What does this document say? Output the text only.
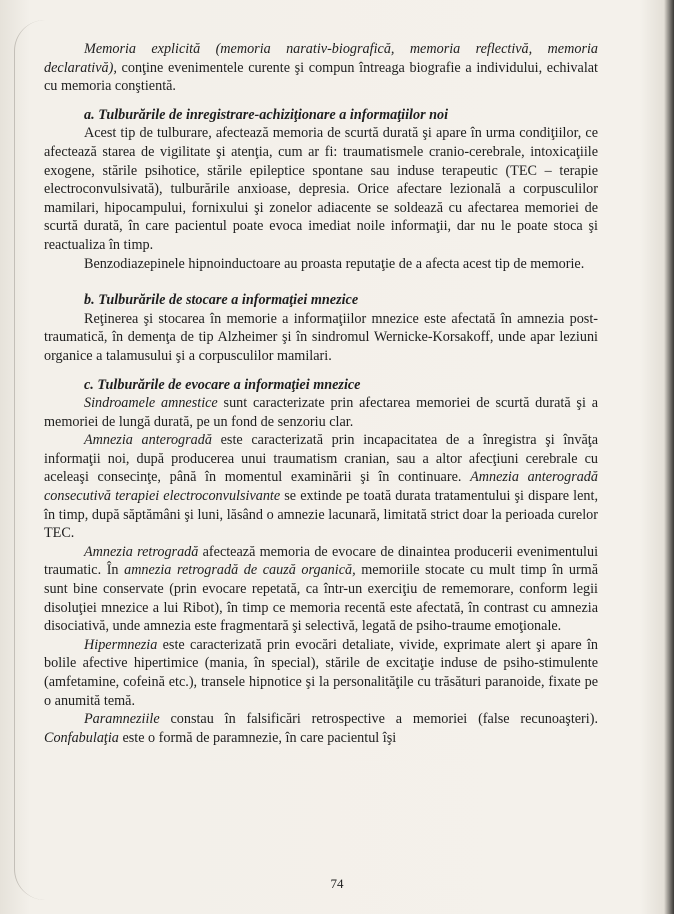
Memoria explicită (memoria narativ-biografică, memoria reflectivă, memoria declarativă), conţine evenimentele curente şi compun întreaga biografie a individului, echivalat cu memoria conştientă.

a. Tulburările de inregistrare-achiziţionare a informaţiilor noi

Acest tip de tulburare, afectează memoria de scurtă durată şi apare în urma condiţiilor, ce afectează starea de vigilitate şi atenţia, cum ar fi: traumatismele cranio-cerebrale, intoxicaţiile exogene, stările psihotice, stările epileptice spontane sau induse terapeutic (TEC – terapie electroconvulsivată), tulburările anxioase, depresia. Orice afectare lezională a corpusculilor mamilari, hipocampului, fornixului şi zonelor adiacente se soldează cu afectarea memoriei de scurtă durată, în care pacientul poate evoca imediat noile informaţii, dar nu le poate stoca şi reactualiza în timp.

Benzodiazepinele hipnoinductoare au proasta reputaţie de a afecta acest tip de memorie.

b. Tulburările de stocare a informaţiei mnezice

Reţinerea şi stocarea în memorie a informaţiilor mnezice este afectată în amnezia post-traumatică, în demenţa de tip Alzheimer şi în sindromul Wernicke-Korsakoff, unde apar leziuni organice a talamusului şi a corpusculilor mamilari.

c. Tulburările de evocare a informaţiei mnezice

Sindroamele amnestice sunt caracterizate prin afectarea memoriei de scurtă durată şi a memoriei de lungă durată, pe un fond de senzoriu clar.

Amnezia anterogradă este caracterizată prin incapacitatea de a înregistra şi învăţa informaţii noi, după producerea unui traumatism cranian, sau a altor afecţiuni cerebrale cu aceleaşi consecinţe, până în momentul examinării şi în continuare. Amnezia anterogradă consecutivă terapiei electroconvulsivante se extinde pe toată durata tratamentului şi dispare lent, în timp, după săptămâni şi luni, lăsând o amnezie lacunară, limitată strict doar la perioada curelor TEC.

Amnezia retrogradă afectează memoria de evocare de dinaintea producerii evenimentului traumatic. În amnezia retrogradă de cauză organică, memoriile stocate cu mult timp în urmă sunt bine conservate (prin evocare repetată, ca într-un exerciţiu de rememorare, conform legii disoluţiei mnezice a lui Ribot), în timp ce memoria recentă este afectată, în contrast cu amnezia disociativă, unde amnezia este fragmentară şi selectivă, legată de psiho-traume emoţionale.

Hipermnezia este caracterizată prin evocări detaliate, vivide, exprimate alert şi apare în bolile afective hipertimice (mania, în special), stările de excitaţie induse de psiho-stimulente (amfetamine, cofeină etc.), transele hipnotice şi la personalităţile cu trăsături paranoide, fixate pe o anumită temă.

Paramneziile constau în falsificări retrospective a memoriei (false recunoaşteri). Confabulaţia este o formă de paramnezie, în care pacientul îşi

74
